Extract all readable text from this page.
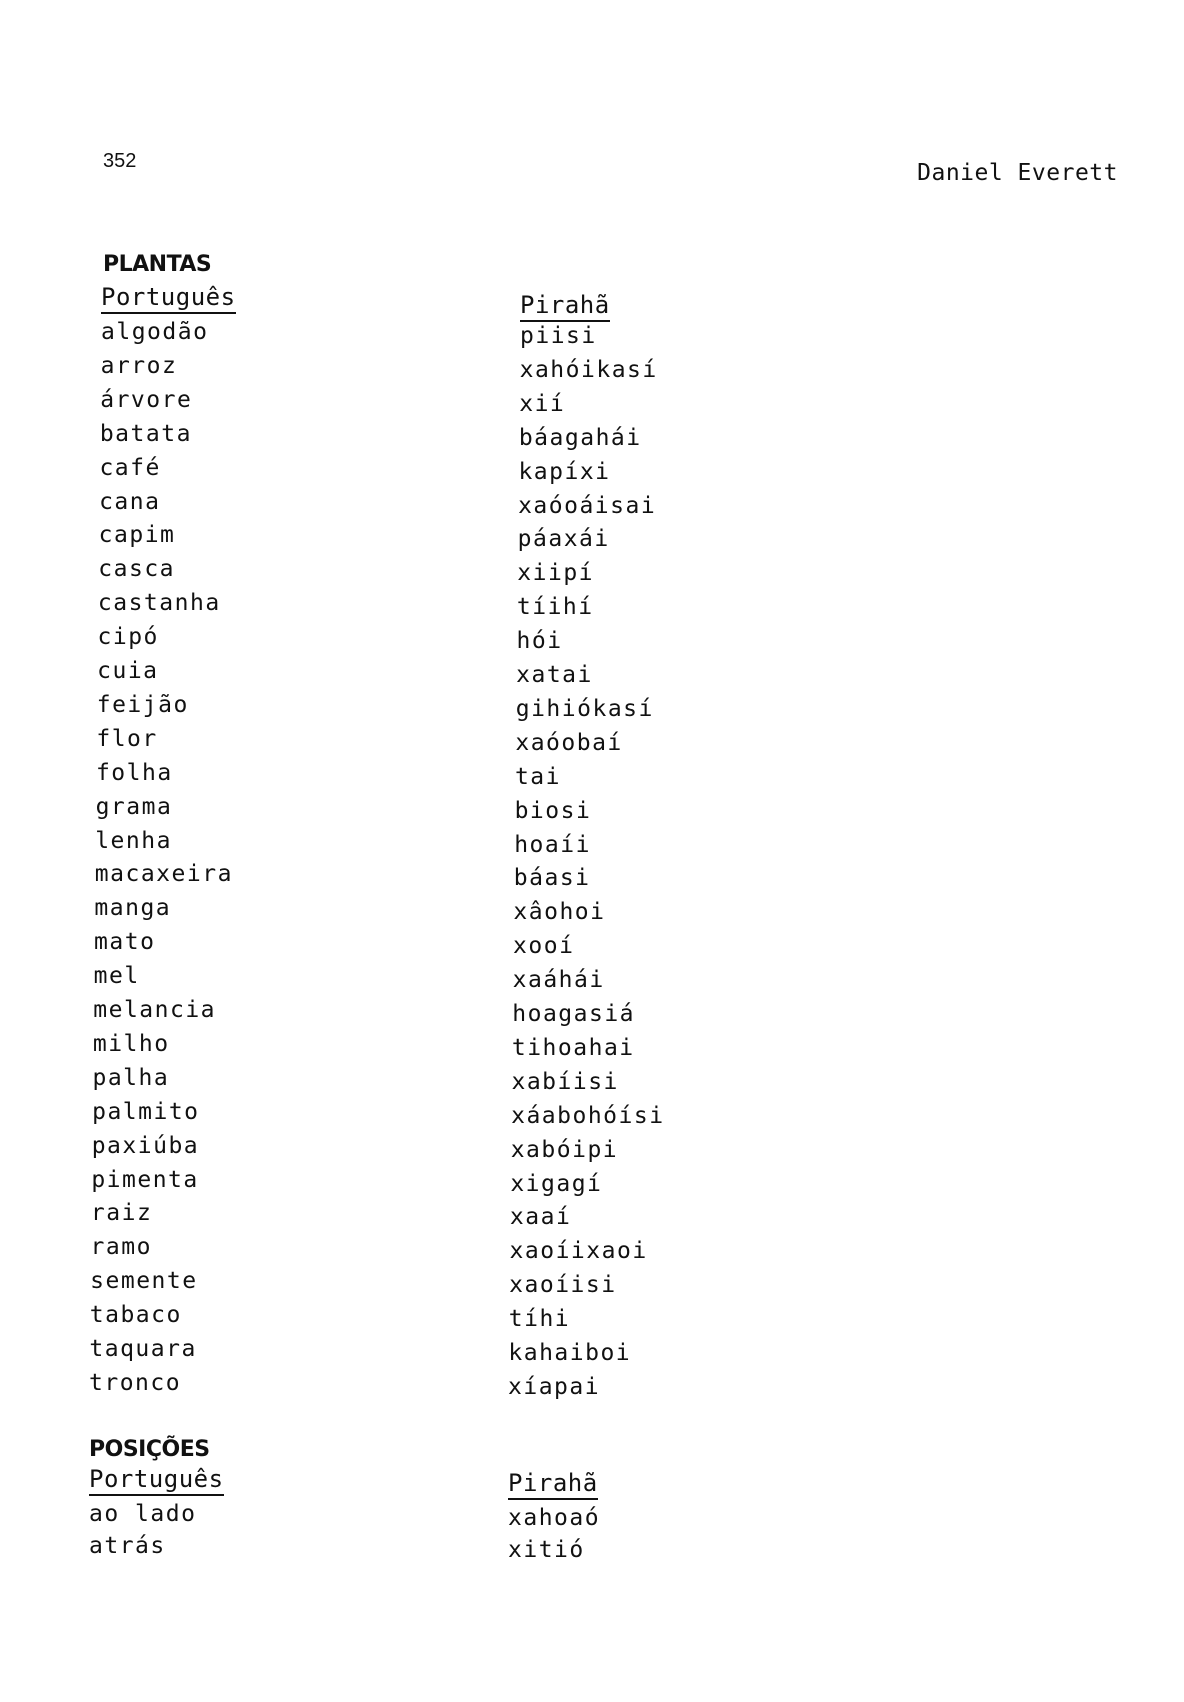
352	Daniel Everett
PLANTAS
Português	Pirahã
algodão	piisi
arroz	xahóikasí
árvore	xií
batata	báagahái
café	kapíxi
cana	xaóoáisai
capim	páaxái
casca	xiipí
castanha	tíihí
cipó	hói
cuia	xatai
feijão	gihiókasí
flor	xaóobaí
folha	tai
grama	biosi
lenha	hoaíi
macaxeira	báasi
manga	xâohoi
mato	xooí
mel	xaáhái
melancia	hoagasiá
milho	tihoahai
palha	xabíisi
palmito	xáabohóísi
paxiúba	xabóipi
pimenta	xigagí
raiz	xaaí
ramo	xaoíixaoi
semente	xaoíisi
tabaco	tíhi
taquara	kahaiboi
tronco	xíapai
POSIÇÕES
Português	Pirahã
ao lado	xahoaó
atrás	xitió
